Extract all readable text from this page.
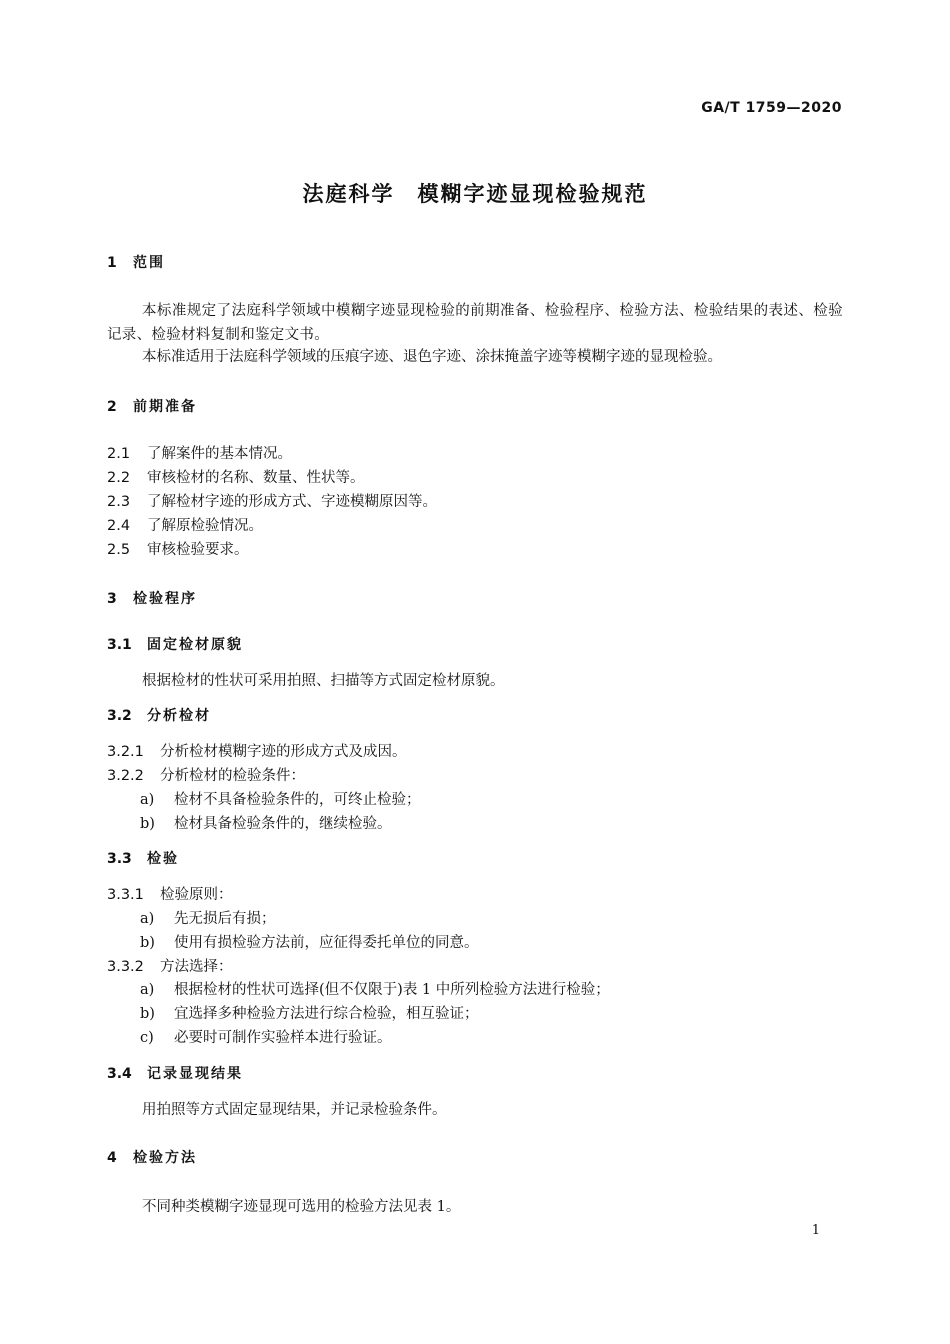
GA/T 1759—2020
法庭科学　模糊字迹显现检验规范
1 范围
本标准规定了法庭科学领域中模糊字迹显现检验的前期准备、检验程序、检验方法、检验结果的表述、检验记录、检验材料复制和鉴定文书。
本标准适用于法庭科学领域的压痕字迹、退色字迹、涂抹掩盖字迹等模糊字迹的显现检验。
2 前期准备
2.1 了解案件的基本情况。
2.2 审核检材的名称、数量、性状等。
2.3 了解检材字迹的形成方式、字迹模糊原因等。
2.4 了解原检验情况。
2.5 审核检验要求。
3 检验程序
3.1 固定检材原貌
根据检材的性状可采用拍照、扫描等方式固定检材原貌。
3.2 分析检材
3.2.1 分析检材模糊字迹的形成方式及成因。
3.2.2 分析检材的检验条件：
a) 检材不具备检验条件的，可终止检验；
b) 检材具备检验条件的，继续检验。
3.3 检验
3.3.1 检验原则：
a) 先无损后有损；
b) 使用有损检验方法前，应征得委托单位的同意。
3.3.2 方法选择：
a) 根据检材的性状可选择(但不仅限于)表 1 中所列检验方法进行检验；
b) 宜选择多种检验方法进行综合检验，相互验证；
c) 必要时可制作实验样本进行验证。
3.4 记录显现结果
用拍照等方式固定显现结果，并记录检验条件。
4 检验方法
不同种类模糊字迹显现可选用的检验方法见表 1。
1
